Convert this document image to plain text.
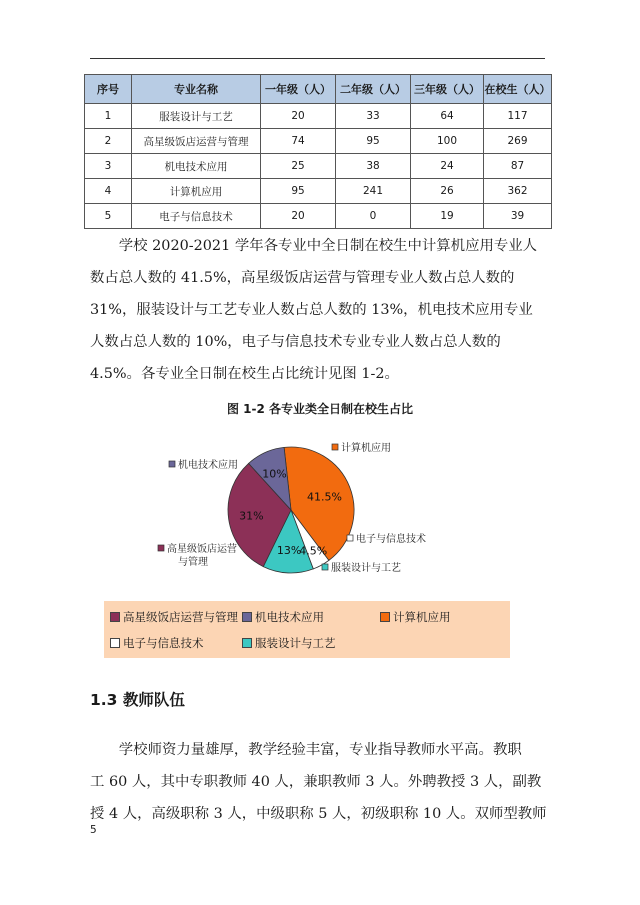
序号	专业名称	一年级（人）	二年级（人）	三年级（人）	在校生（人）
1	服装设计与工艺	20	33	64	117
2	高星级饭店运营与管理	74	95	100	269
3	机电技术应用	25	38	24	87
4	计算机应用	95	241	26	362
5	电子与信息技术	20	0	19	39

　　学校 2020-2021 学年各专业中全日制在校生中计算机应用专业人

数占总人数的 41.5%，高星级饭店运营与管理专业人数占总人数的

31%，服装设计与工艺专业人数占总人数的 13%，机电技术应用专业

人数占总人数的 10%，电子与信息技术专业专业人数占总人数的

4.5%。各专业全日制在校生占比统计见图 1-2。

图 1-2 各专业类全日制在校生占比
41.5%
4.5%
13%
31%
10%
计算机应用
电子与信息技术
服装设计与工艺
高星级饭店运营
与管理
机电技术应用
高星级饭店运营与管理 机电技术应用	计算机应用
电子与信息技术	服装设计与工艺
1.3 教师队伍

　　学校师资力量雄厚，教学经验丰富，专业指导教师水平高。教职

工 60 人，其中专职教师 40 人，兼职教师 3 人。外聘教授 3 人，副教

授 4 人，高级职称 3 人，中级职称 5 人，初级职称 10 人。双师型教师

5
